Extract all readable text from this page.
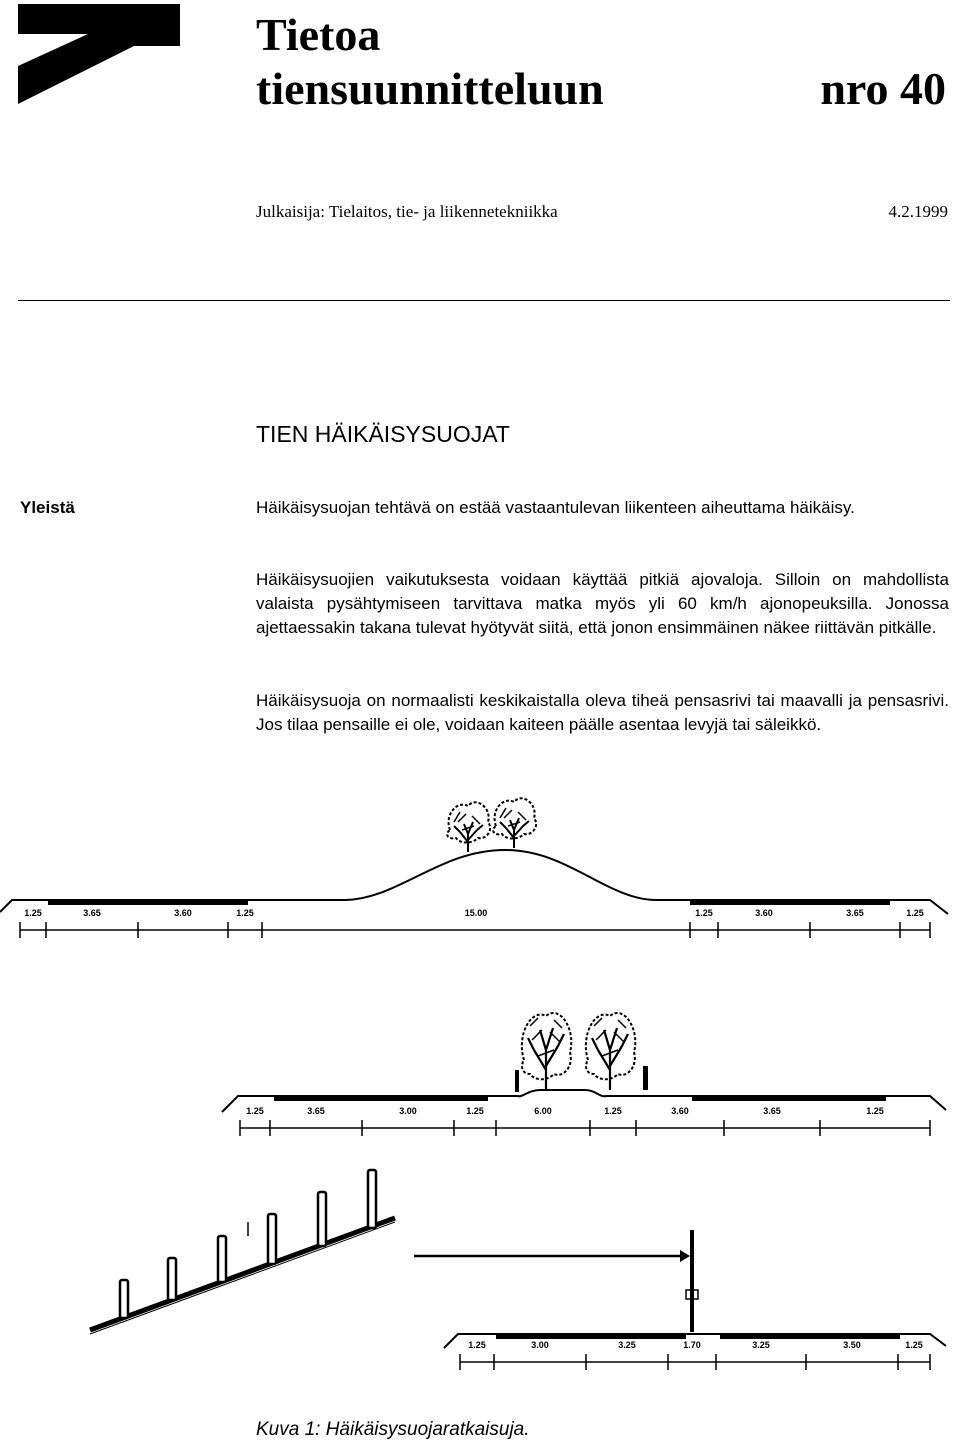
Tietoa
tiensuunnitteluun	nro 40
Julkaisija: Tielaitos, tie- ja liikennetekniikka	4.2.1999
TIEN HÄIKÄISYSUOJAT
Yleistä	Häikäisysuojan tehtävä on estää vastaantulevan liikenteen aiheuttama häikäisy.

Häikäisysuojien vaikutuksesta voidaan käyttää pitkiä ajovaloja. Silloin on mahdollista valaista pysähtymiseen tarvittava matka myös yli 60 km/h ajonopeuksilla. Jonossa ajettaessakin takana tulevat hyötyvät siitä, että jonon ensimmäinen näkee riittävän pitkälle.

Häikäisysuoja on normaalisti keskikaistalla oleva tiheä pensasrivi tai maavalli ja pensasrivi. Jos tilaa pensaille ei ole, voidaan kaiteen päälle asentaa levyjä tai säleikkö.

1.25	3.65	3.60	1.25	15.00	1.25	3.60	3.65	1.25
1.25	3.65	3.00	1.25	6.00	1.25	3.60	3.65	1.25
1.25	3.00	3.25	1.70	3.25	3.50	1.25
Kuva 1: Häikäisysuojaratkaisuja.
